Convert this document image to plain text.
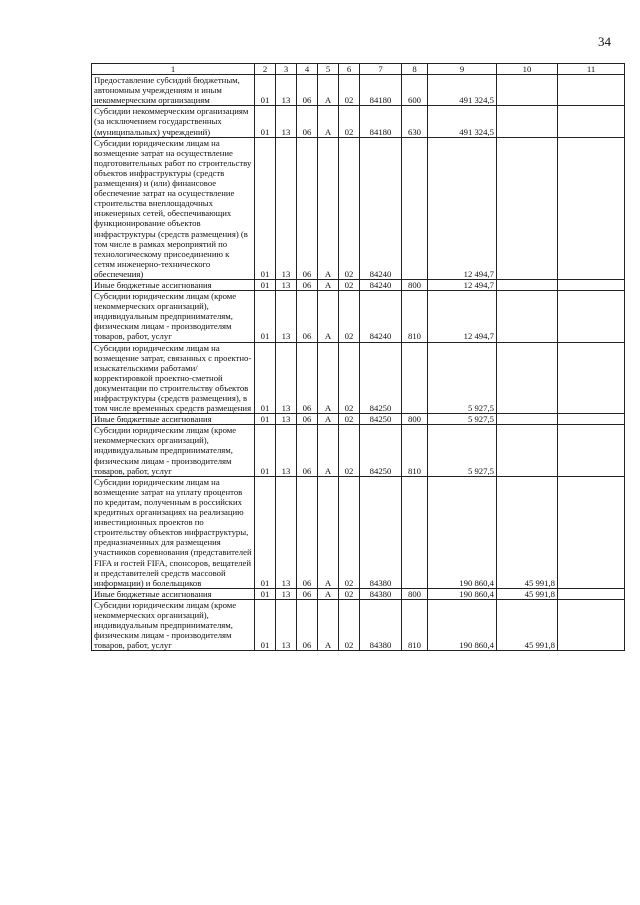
34
1	2	3	4	5	6	7	8	9	10	11
Предоставление субсидий бюджетным, автономным учреждениям и иным некоммерческим организациям	01	13	06	А	02	84180	600	491 324,5		
Субсидии некоммерческим организациям (за исключением государственных (муниципальных) учреждений)	01	13	06	А	02	84180	630	491 324,5		
Субсидии юридическим лицам на возмещение затрат на осуществление подготовительных работ по строительству объектов инфраструктуры (средств размещения) и (или) финансовое обеспечение затрат на осуществление строительства внеплощадочных инженерных сетей, обеспечивающих функционирование объектов инфраструктуры (средств размещения) (в том числе в рамках мероприятий по технологическому присоединению к сетям инженерно-технического обеспечения)	01	13	06	А	02	84240		12 494,7		
Иные бюджетные ассигнования	01	13	06	А	02	84240	800	12 494,7		
Субсидии юридическим лицам (кроме некоммерческих организаций), индивидуальным предпринимателям, физическим лицам - производителям товаров, работ, услуг	01	13	06	А	02	84240	810	12 494,7		
Субсидии юридическим лицам на возмещение затрат, связанных с проектно-изыскательскими работами/корректировкой проектно-сметной документации по строительству объектов инфраструктуры (средств размещения), в том числе временных средств размещения	01	13	06	А	02	84250		5 927,5		
Иные бюджетные ассигнования	01	13	06	А	02	84250	800	5 927,5		
Субсидии юридическим лицам (кроме некоммерческих организаций), индивидуальным предпринимателям, физическим лицам - производителям товаров, работ, услуг	01	13	06	А	02	84250	810	5 927,5		
Субсидии юридическим лицам на возмещение затрат на уплату процентов по кредитам, полученным в российских кредитных организациях на реализацию инвестиционных проектов по строительству объектов инфраструктуры, предназначенных для размещения участников соревнования (представителей FIFA и гостей FIFA, спонсоров, вещателей и представителей средств массовой информации) и болельщиков	01	13	06	А	02	84380		190 860,4	45 991,8	
Иные бюджетные ассигнования	01	13	06	А	02	84380	800	190 860,4	45 991,8	
Субсидии юридическим лицам (кроме некоммерческих организаций), индивидуальным предпринимателям, физическим лицам - производителям товаров, работ, услуг	01	13	06	А	02	84380	810	190 860,4	45 991,8	
